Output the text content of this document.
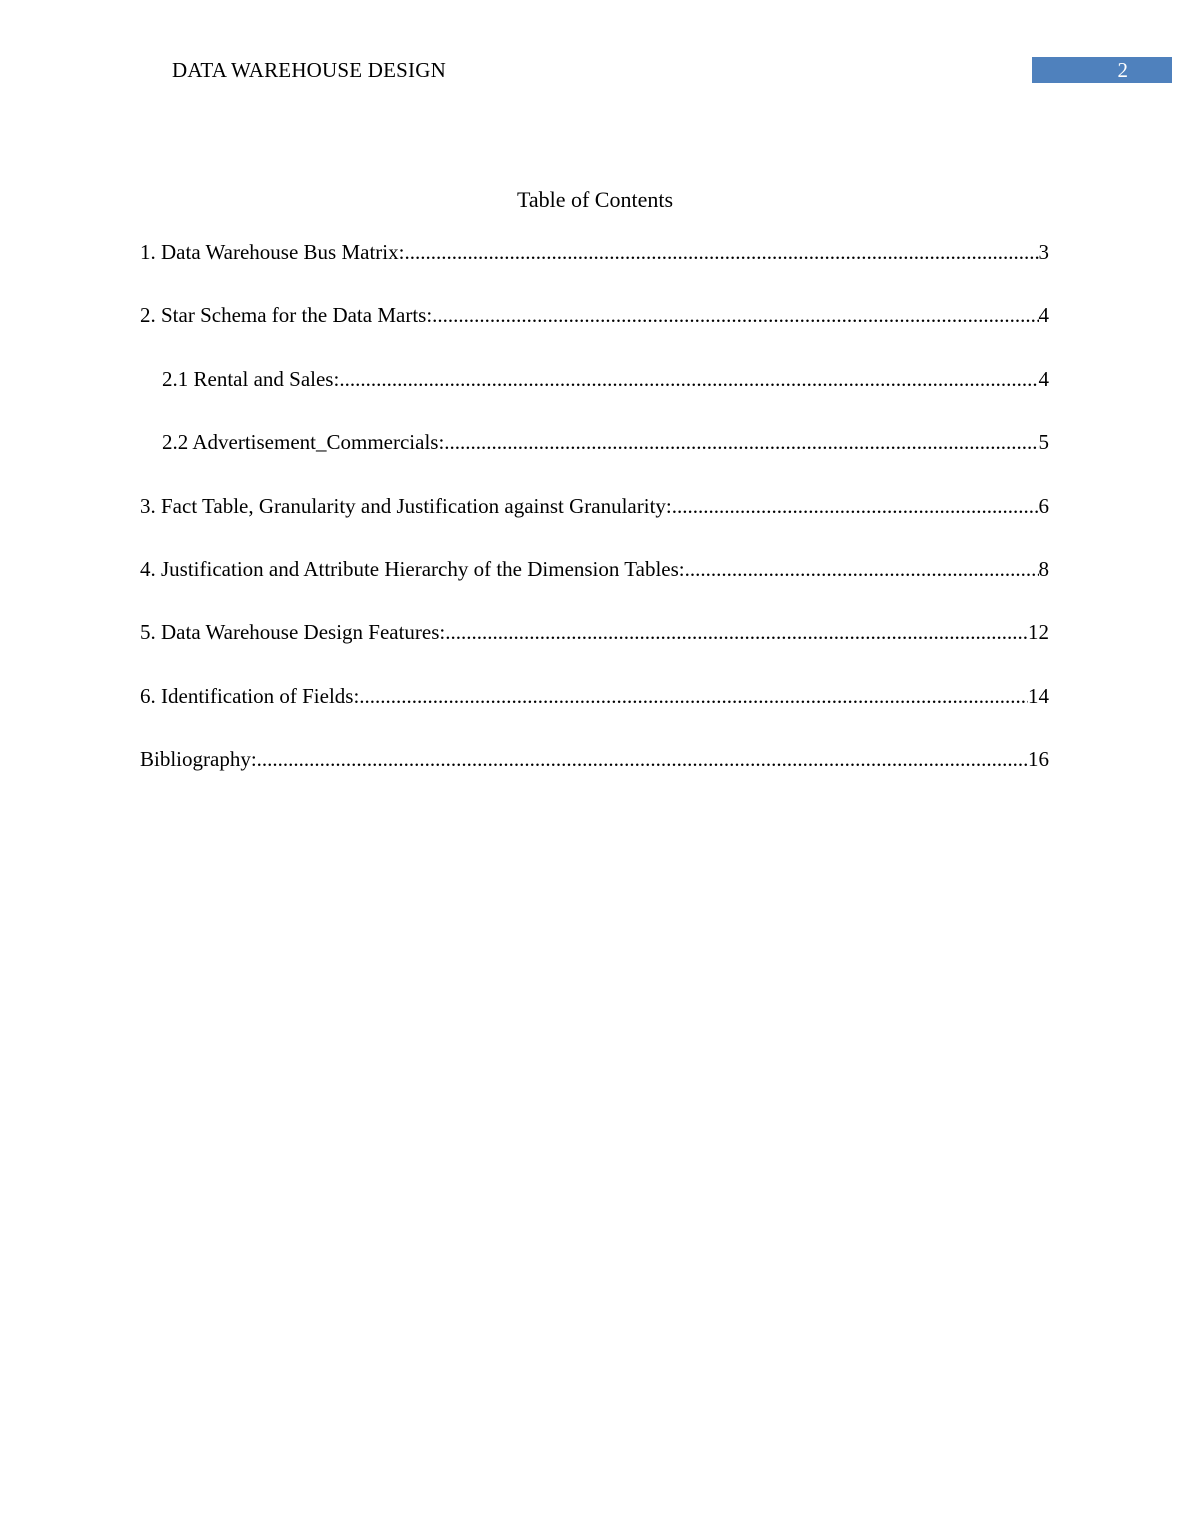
DATA WAREHOUSE DESIGN	2
Table of Contents
1. Data Warehouse Bus Matrix: .....	3
2. Star Schema for the Data Marts: .....	4
2.1 Rental and Sales: .....	4
2.2 Advertisement_Commercials: .....	5
3. Fact Table, Granularity and Justification against Granularity: .....	6
4. Justification and Attribute Hierarchy of the Dimension Tables: .....	8
5. Data Warehouse Design Features: .....	12
6. Identification of Fields: .....	14
Bibliography: .....	16
